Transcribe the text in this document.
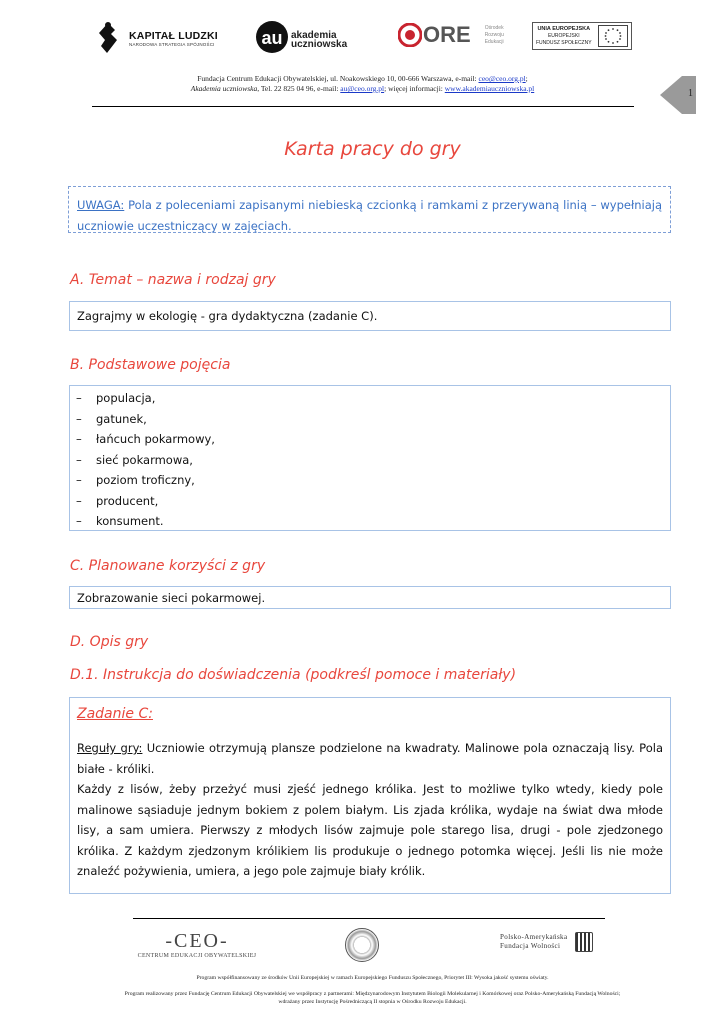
KAPITAŁ LUDZKI
NARODOWA STRATEGIA SPÓJNOŚCI	au akademia
uczniowska	ORE	Ośrodek
Rozwoju
Edukacji
UNIA EUROPEJSKA
EUROPEJSKI
FUNDUSZ SPOŁECZNY
Fundacja Centrum Edukacji Obywatelskiej, ul. Noakowskiego 10, 00-666 Warszawa, e-mail: ceo@ceo.org.pl;
Akademia uczniowska, Tel. 22 825 04 96, e-mail: au@ceo.org.pl; więcej informacji: www.akademiauczniowska.pl	1
Karta pracy do gry
UWAGA: Pola z poleceniami zapisanymi niebieską czcionką i ramkami z przerywaną linią – wypełniają uczniowie uczestniczący w zajęciach.
A. Temat – nazwa i rodzaj gry
Zagrajmy w ekologię - gra dydaktyczna (zadanie C).
B. Podstawowe pojęcia
–	populacja,
–	gatunek,
–	łańcuch pokarmowy,
–	sieć pokarmowa,
–	poziom troficzny,
–	producent,
–	konsument.
C. Planowane korzyści z gry
Zobrazowanie sieci pokarmowej.
D. Opis gry
D.1. Instrukcja do doświadczenia (podkreśl pomoce i materiały)
Zadanie C:
Reguły gry: Uczniowie otrzymują plansze podzielone na kwadraty. Malinowe pola oznaczają lisy. Pola białe - króliki.
Każdy z lisów, żeby przeżyć musi zjeść jednego królika. Jest to możliwe tylko wtedy, kiedy pole malinowe sąsiaduje jednym bokiem z polem białym. Lis zjada królika, wydaje na świat dwa młode lisy, a sam umiera. Pierwszy z młodych lisów zajmuje pole starego lisa, drugi - pole zjedzonego królika. Z każdym zjedzonym królikiem lis produkuje o jednego potomka więcej. Jeśli lis nie może znaleźć pożywienia, umiera, a jego pole zajmuje biały królik.
-CEO-
CENTRUM EDUKACJI OBYWATELSKIEJ
Polsko-Amerykańska
Fundacja Wolności
Program współfinansowany ze środków Unii Europejskiej w ramach Europejskiego Funduszu Społecznego, Priorytet III: Wysoka jakość systemu oświaty.
Program realizowany przez Fundację Centrum Edukacji Obywatelskiej we współpracy z partnerami: Międzynarodowym Instytutem Biologii Molekularnej i Komórkowej oraz Polsko-Amerykańską Fundacją Wolności;
wdrażany przez Instytucję Pośredniczącą II stopnia w Ośrodku Rozwoju Edukacji.
